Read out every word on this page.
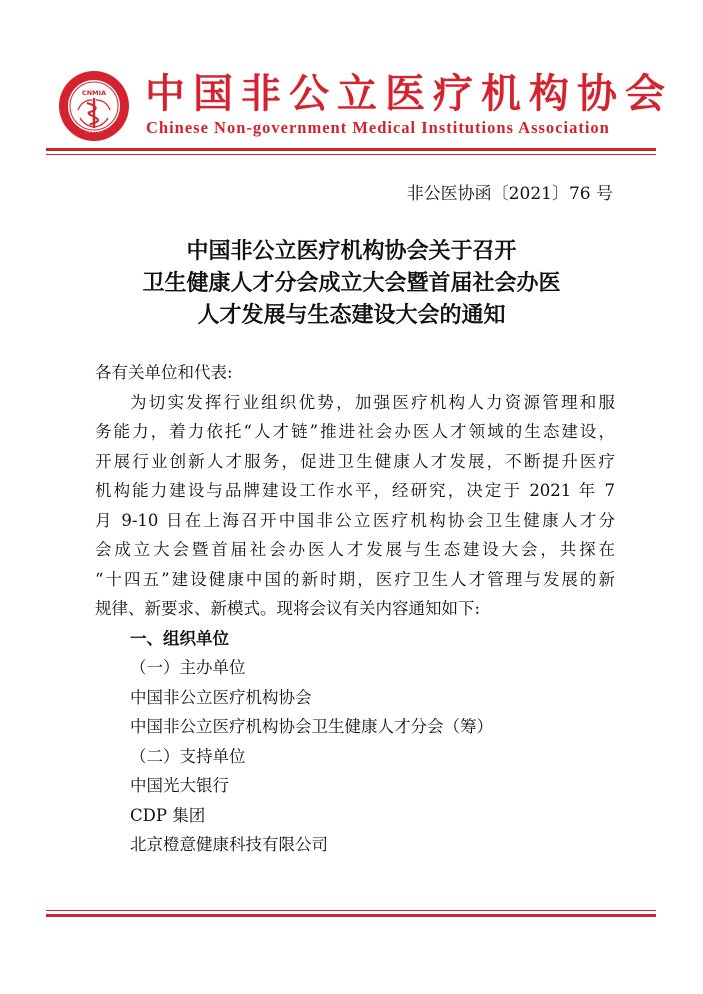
· · · · · · ·
· · · · · ·
CNMIA 中国非公立医疗机构协会
Chinese Non-government Medical Institutions Association
非公医协函〔2021〕76 号
中国非公立医疗机构协会关于召开
卫生健康人才分会成立大会暨首届社会办医
人才发展与生态建设大会的通知
各有关单位和代表:
为切实发挥行业组织优势，加强医疗机构人力资源管理和服
务能力，着力依托“人才链”推进社会办医人才领域的生态建设，
开展行业创新人才服务，促进卫生健康人才发展，不断提升医疗
机构能力建设与品牌建设工作水平，经研究，决定于 2021 年 7
月 9-10 日在上海召开中国非公立医疗机构协会卫生健康人才分
会成立大会暨首届社会办医人才发展与生态建设大会，共探在
“十四五”建设健康中国的新时期，医疗卫生人才管理与发展的新
规律、新要求、新模式。现将会议有关内容通知如下:
一、组织单位
（一）主办单位
中国非公立医疗机构协会
中国非公立医疗机构协会卫生健康人才分会（筹）
（二）支持单位
中国光大银行
CDP 集团
北京橙意健康科技有限公司
